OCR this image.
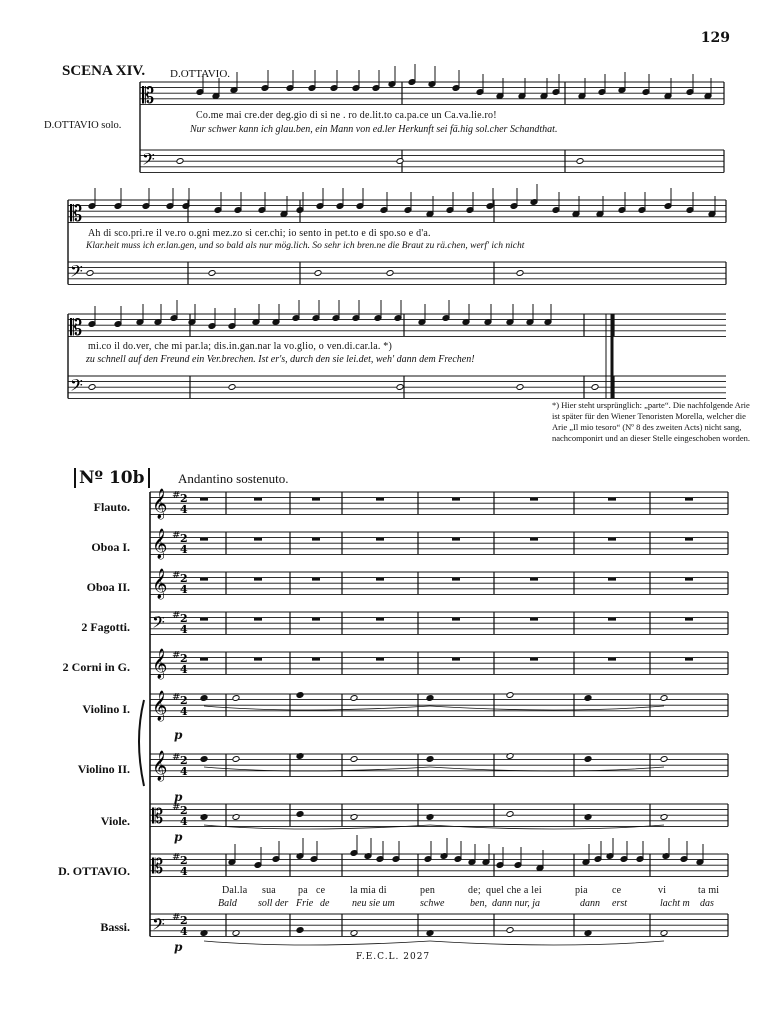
129
SCENA XIV. D.OTTAVIO.
D.OTTAVIO solo.
Co.me mai cre.der deg.gio di si ne . ro de.lit.to ca.pa.ce un Ca.va.lie.ro!
Nur schwer kann ich glau.ben, ein Mann von ed.ler Herkunft sei fä.hig sol.cher Schandthat.
Ah di sco.pri.re il ve.ro o.gni mez.zo si cer.chi; io sento in pet.to e di spo.so e d'a.
Klar.heit muss ich er.lan.gen, und so bald als nur mög.lich. So sehr ich bren.ne die Braut zu rä.chen, werf' ich nicht
mi.co il do.ver, che mi par.la; dis.in.gan.nar la vo.glio, o ven.di.car.la. *)
zu schnell auf den Freund ein Ver.brechen. Ist er's, durch den sie lei.det, weh' dann dem Frechen!
*) Hier steht ursprünglich: „parte“. Die nachfolgende Arie ist später für den Wiener Tenoristen Morella, welcher die Arie „Il mio tesoro“ (Nº 8 des zweiten Acts) nicht sang, nachcomponirt und an dieser Stelle eingeschoben worden.
Nº 10b	Andantino sostenuto.
Flauto.
Oboa I.
Oboa II.
2 Fagotti.
2 Corni in G.
Violino I.
Violino II.
Viole.
D. OTTAVIO.
Bassi.
p
p
p
p
Dal.la sua pa ce la mia di	pen	de; quel che a lei	pia ce	vi	ta mi
Bald soll der Frie de neu sie um	schwe	ben, dann nur, ja	dann erst	lacht m das
F.E.C.L. 2027
𝄡
𝄢
𝄡
𝄢
𝄡
𝄢
𝄞 2
4
#
𝄞 2
4
#
𝄞 2
4
#
𝄢 2
4
#
𝄞 2
4
#
𝄞 2
4
#
𝄞 2
4
#
𝄡 2
4
#
𝄡 2
4
#
𝄢 2
4
#
